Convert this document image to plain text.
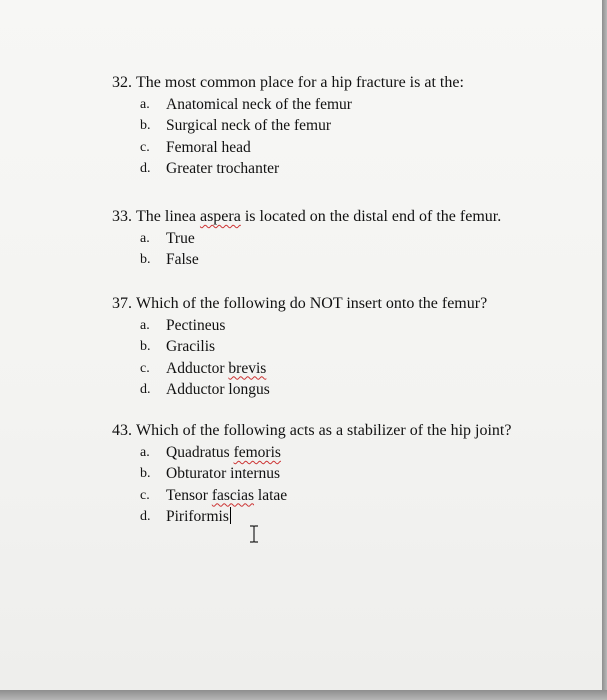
32. The most common place for a hip fracture is at the:
a.	Anatomical neck of the femur
b.	Surgical neck of the femur
c.	Femoral head
d.	Greater trochanter
33. The linea aspera is located on the distal end of the femur.
a.	True
b.	False
37. Which of the following do NOT insert onto the femur?
a.	Pectineus
b.	Gracilis
c.	Adductor brevis
d.	Adductor longus
43. Which of the following acts as a stabilizer of the hip joint?
a.	Quadratus femoris
b.	Obturator internus
c.	Tensor fascias latae
d.	Piriformis
